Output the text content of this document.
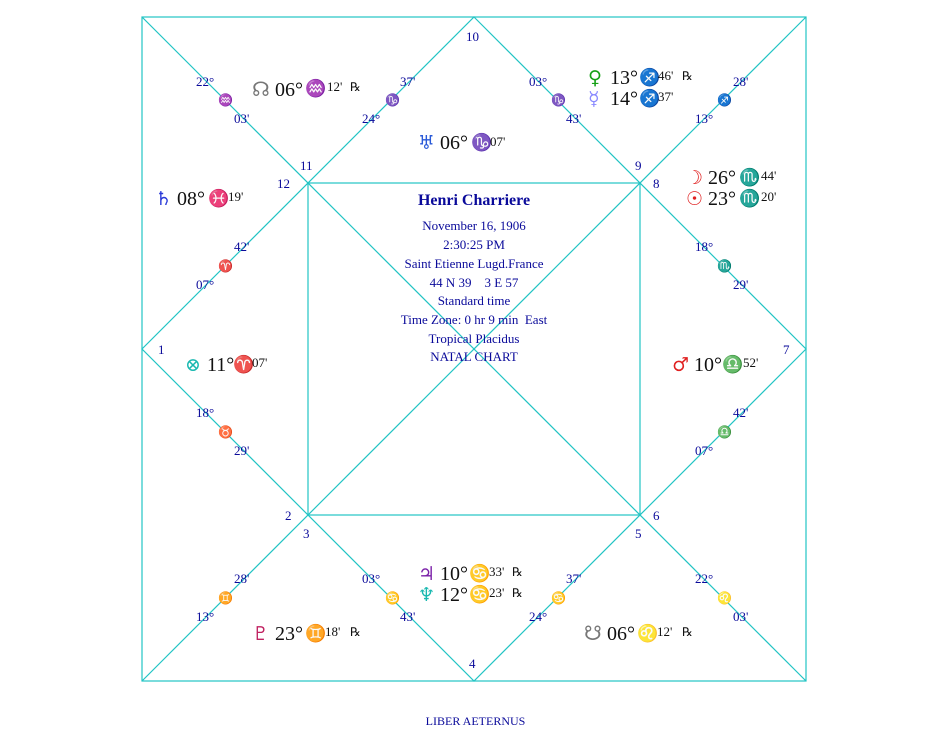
1
2
3
4
5
6
7
8
9
10
11
12
22°
♒
03'
37'
♑
24°
03°
♑
43'
28'
♐
13°
42'
♈
07°
18°
♏
29'
18°
♉
29'
42'
♎
07°
28'
♊
13°
03°
♋
43'
37'
♋
24°
22°
♌
03'
Henri Charriere
November 16, 1906
2:30:25 PM
Saint Etienne Lugd.France
44 N 39    3 E 57
Standard time
Time Zone: 0 hr 9 min  East
Tropical Placidus
NATAL CHART
☊ 06° ♒ 12' ℞
♅ 06° ♑
07'
♀ 13° ♐
46' ℞
☿ 14° ♐
37'
♄ 08° ♓
19'
☽ 26° ♏ 44'
☉ 23° ♏ 20'
⊗ 11°
♈
07'	♂ 10° ♎ 52'
♃ 10° ♋
33' ℞
♆ 12° ♋
23' ℞
♇ 23° ♊
18' ℞	☋ 06° ♌
12' ℞
LIBER AETERNUS
